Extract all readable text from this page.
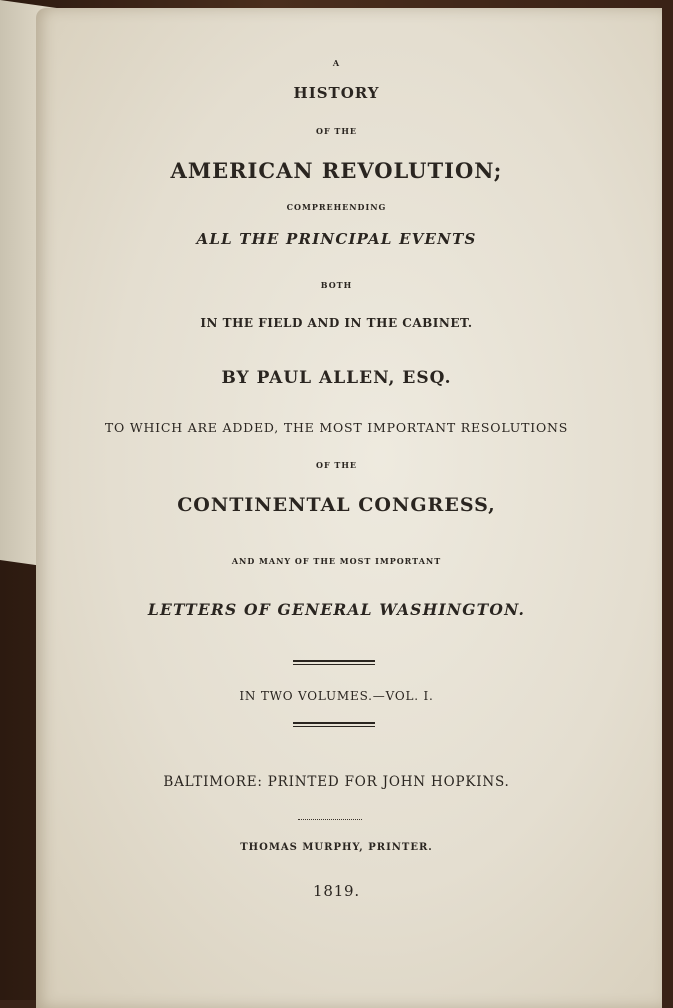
A
HISTORY
OF THE
AMERICAN REVOLUTION;
COMPREHENDING
ALL THE PRINCIPAL EVENTS
BOTH
IN THE FIELD AND IN THE CABINET.
BY PAUL ALLEN, ESQ.
TO WHICH ARE ADDED, THE MOST IMPORTANT RESOLUTIONS
OF THE
CONTINENTAL CONGRESS,
AND MANY OF THE MOST IMPORTANT
LETTERS OF GENERAL WASHINGTON.
IN TWO VOLUMES.—VOL. I.
BALTIMORE: PRINTED FOR JOHN HOPKINS.
THOMAS MURPHY, PRINTER.
1819.
